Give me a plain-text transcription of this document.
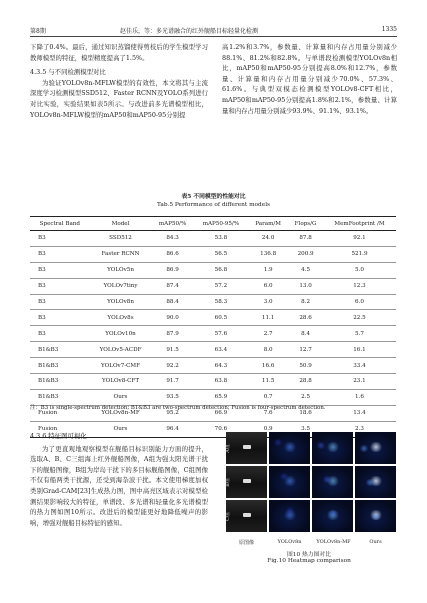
第8期	赵佳乐，等：多光谱融合的红外舰船目标轻量化检测	1335

下降了0.4%。最后，通过知识蒸馏使得剪枝后的学生模型学习教师模型的特征，模型精度提高了1.5%。

4.3.5 与不同检测模型对比

为验证YOLOv8n-MFLW模型的有效性，本文将其与主流深度学习检测模型SSD512、Faster RCNN及YOLO系列进行对比实验，实验结果如表5所示。与改进前多光谱模型相比，YOLOv8n-MFLW模型的mAP50和mAP50-95分别提

高1.2%和3.7%，参数量、计算量和内存占用量分别减少88.1%、81.2%和82.8%。与单谱段检测模型YOLOv8n相比，mAP50和mAP50-95分别提高8.0%和12.7%，参数量、计算量和内存占用量分别减少70.0%、57.3%、61.6%。与典型双模态检测模型YOLOv8-CFT相比，mAP50和mAP50-95分别提高1.8%和2.1%，参数量、计算量和内存占用量分别减少93.9%、91.1%、93.1%。

表5 不同模型的性能对比
Tab.5 Performance of different models
Spectral Band	Model	mAP50/%	mAP50-95/%	Param/M	Flops/G	MemFootprint /M
B3	SSD512	84.3	53.8	24.0	87.8	92.1
B3	Faster RCNN	86.6	56.5	136.8	200.9	521.9
B3	YOLOv5n	86.9	56.8	1.9	4.5	5.0
B3	YOLOv7tiny	87.4	57.2	6.0	13.0	12.3
B3	YOLOv8n	88.4	58.3	3.0	8.2	6.0
B3	YOLOv8s	90.0	60.5	11.1	28.6	22.5
B3	YOLOv10n	87.9	57.6	2.7	8.4	5.7
B1&B3	YOLOv5-ACDF	91.5	63.4	8.0	12.7	16.1
B1&B3	YOLOv7-CMF	92.2	64.3	16.6	50.9	33.4
B1&B3	YOLOv8-CFT	91.7	63.8	11.5	28.8	23.1
B1&B3	Ours	93.5	65.9	0.7	2.5	1.6
Fusion	YOLOv8n-MF	95.2	66.9	7.6	18.6	13.4
Fusion	Ours	96.4	70.6	0.9	3.5	2.3
注：B3 is single-spectrum detection; B1&B3 are two-spectrum detection; Fusion is four-spectrum detection.

4.3.6 特征图可视化

为了更直观地观察模型在舰船目标识别能力方面的提升，选取A、B、C三组海上红外舰船图像，A组为强太阳光谱干扰下的舰船图像，B组为岸岛干扰下的多目标舰船图像，C组图像不仅有船两类干扰源，还受到海杂波干扰。本文使用梯度加权类别Grad-CAM[23]生成热力图，图中高亮区域表示对模型检测结果影响较大的特征，单谱段、多光谱和轻量化多光谱模型的热力图如图10所示。改进后的模型能更好地降低噪声的影响，增强对舰船目标特征的感知。

A组
B组
C组
原图像	YOLOv8n	YOLOv8n-MF	Ours
图10 热力图对比
Fig.10 Heatmap comparison
